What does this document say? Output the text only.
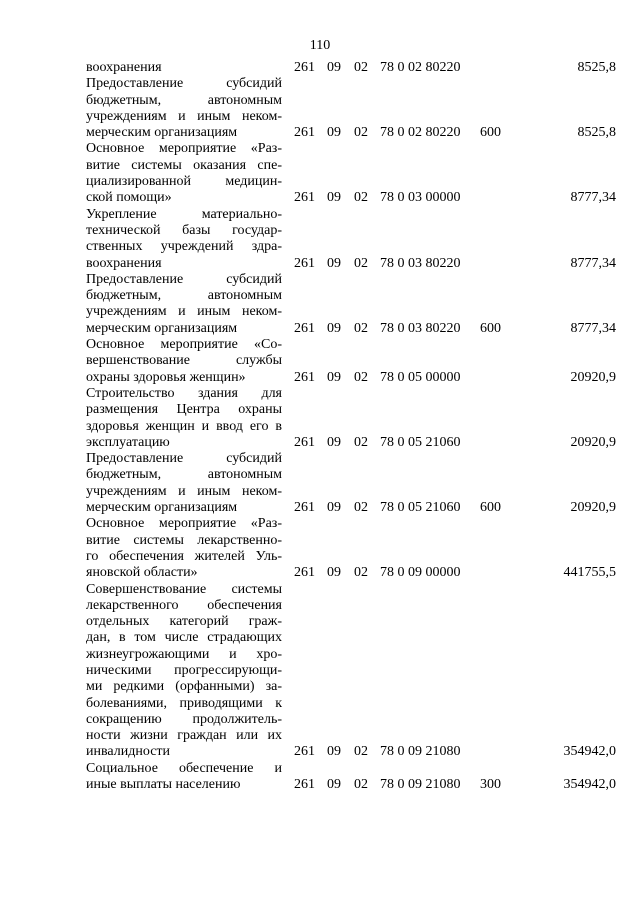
110
воохранения	261 09 02 78 0 02 80220	8525,8
Предоставление субсидий
бюджетным, автономным
учреждениям и иным неком-
мерческим организациям	261 09 02 78 0 02 80220 600	8525,8
Основное мероприятие «Раз-
витие системы оказания спе-
циализированной медицин-
ской помощи»	261 09 02 78 0 03 00000	8777,34
Укрепление материально-
технической базы государ-
ственных учреждений здра-
воохранения	261 09 02 78 0 03 80220	8777,34
Предоставление субсидий
бюджетным, автономным
учреждениям и иным неком-
мерческим организациям	261 09 02 78 0 03 80220 600	8777,34
Основное мероприятие «Со-
вершенствование службы
охраны здоровья женщин»	261 09 02 78 0 05 00000	20920,9
Строительство здания для
размещения Центра охраны
здоровья женщин и ввод его в
эксплуатацию	261 09 02 78 0 05 21060	20920,9
Предоставление субсидий
бюджетным, автономным
учреждениям и иным неком-
мерческим организациям	261 09 02 78 0 05 21060 600	20920,9
Основное мероприятие «Раз-
витие системы лекарственно-
го обеспечения жителей Уль-
яновской области»	261 09 02 78 0 09 00000	441755,5
Совершенствование системы
лекарственного обеспечения
отдельных категорий граж-
дан, в том числе страдающих
жизнеугрожающими и хро-
ническими прогрессирующи-
ми редкими (орфанными) за-
болеваниями, приводящими к
сокращению продолжитель-
ности жизни граждан или их
инвалидности	261 09 02 78 0 09 21080	354942,0
Социальное обеспечение и
иные выплаты населению	261 09 02 78 0 09 21080 300	354942,0
